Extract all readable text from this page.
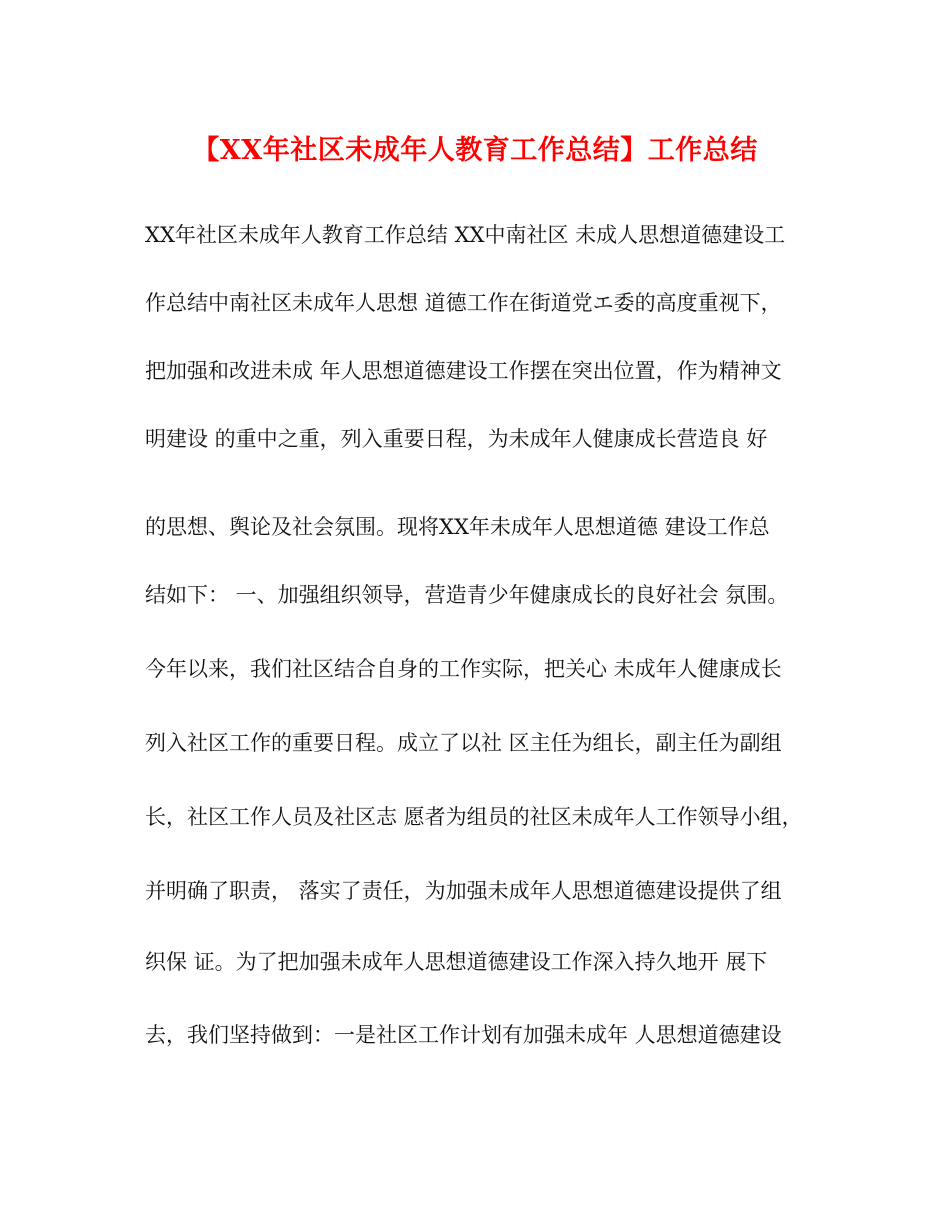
【XX年社区未成年人教育工作总结】工作总结
XX年社区未成年人教育工作总结 XX中南社区 未成人思想道德建设工
作总结中南社区未成年人思想 道德工作在街道党エ委的高度重视下，
把加强和改进未成 年人思想道德建设工作摆在突出位置，作为精神文
明建设 的重中之重，列入重要日程，为未成年人健康成长营造良 好
的思想、舆论及社会氛围。现将XX年未成年人思想道德 建设工作总
结如下： 一、加强组织领导，营造青少年健康成长的良好社会 氛围。
今年以来，我们社区结合自身的工作实际，把关心 未成年人健康成长
列入社区工作的重要日程。成立了以社 区主任为组长，副主任为副组
长，社区工作人员及社区志 愿者为组员的社区未成年人工作领导小组，
并明确了职责， 落实了责任，为加强未成年人思想道德建设提供了组
织保 证。为了把加强未成年人思想道德建设工作深入持久地开 展下
去，我们坚持做到：一是社区工作计划有加强未成年 人思想道德建设
